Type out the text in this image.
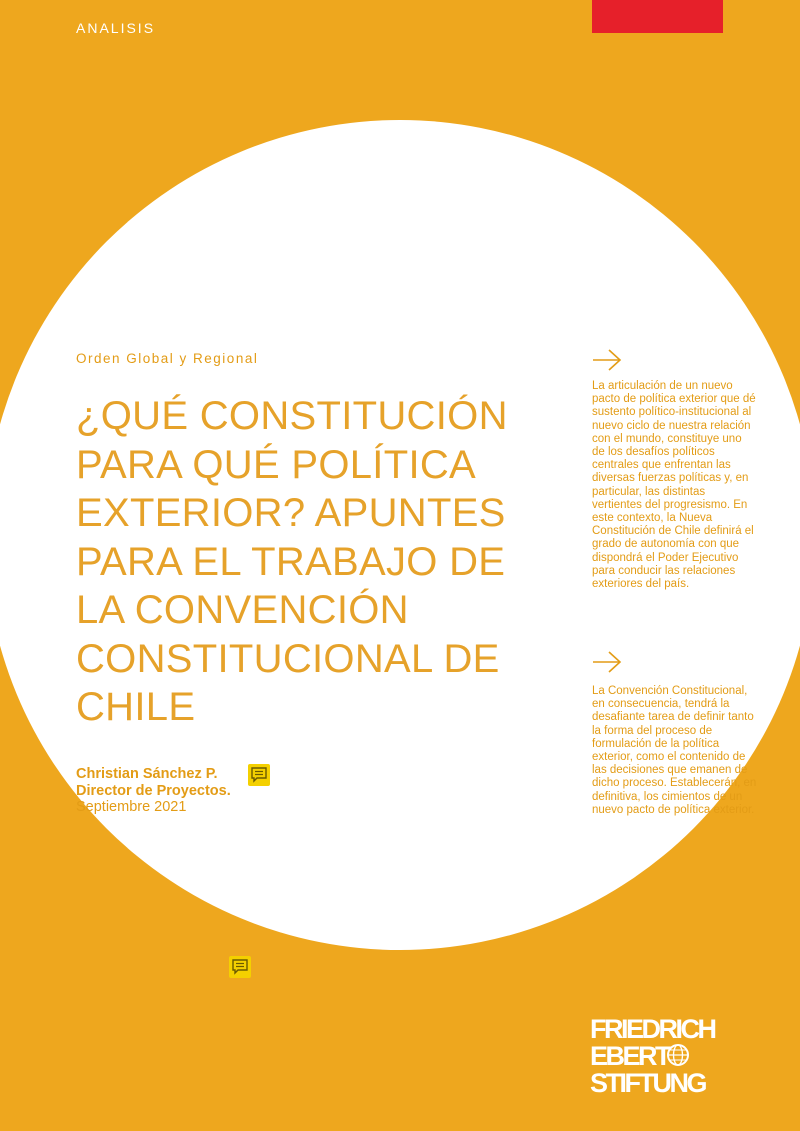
ANALISIS
Orden Global y Regional
¿QUÉ CONSTITUCIÓN PARA QUÉ POLÍTICA EXTERIOR? APUNTES PARA EL TRABAJO DE LA CONVENCIÓN CONSTITUCIONAL DE CHILE
Christian Sánchez P.
Director de Proyectos.
Septiembre 2021

La articulación de un nuevo pacto de política exterior que dé sustento político-institucional al nuevo ciclo de nuestra relación con el mundo, constituye uno de los desafíos políticos centrales que enfrentan las diversas fuerzas políticas y, en particular, las distintas vertientes del progresismo. En este contexto, la Nueva Constitución de Chile definirá el grado de autonomía con que dispondrá el Poder Ejecutivo para conducir las relaciones exteriores del país.

La Convención Constitucional, en consecuencia, tendrá la desafiante tarea de definir tanto la forma del proceso de formulación de la política exterior, como el contenido de las decisiones que emanen de dicho proceso. Establecerán, en definitiva, los cimientos de un nuevo pacto de política exterior.

FRIEDRICH
EBERT
STIFTUNG
